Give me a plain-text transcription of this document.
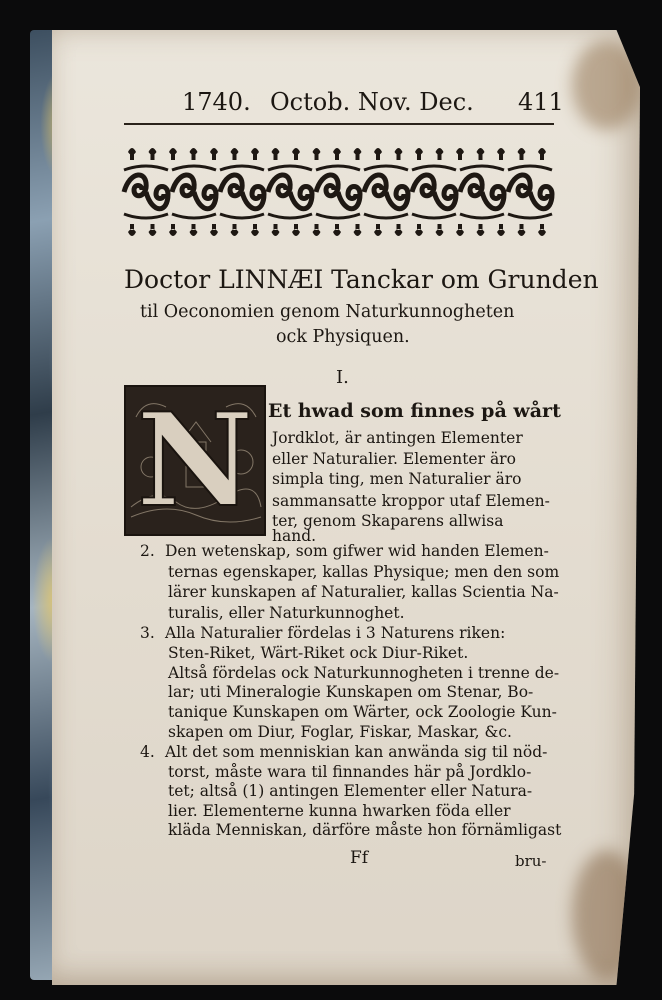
1740. Octob. Nov. Dec. 411
Doctor LINNÆI Tanckar om Grunden
til Oeconomien genom Naturkunnogheten
ock Physiquen.
I.
N Et hwad som finnes på wårt
Jordklot, är antingen Elementer
eller Naturalier. Elementer äro
simpla ting, men Naturalier äro
sammansatte kroppor utaf Elemen-
ter, genom Skaparens allwisa
hand.
2. Den wetenskap, som gifwer wid handen Elemen-
ternas egenskaper, kallas Physique; men den som
lärer kunskapen af Naturalier, kallas Scientia Na-
turalis, eller Naturkunnoghet.
3. Alla Naturalier fördelas i 3 Naturens riken:
Sten-Riket, Wärt-Riket ock Diur-Riket.
Altså fördelas ock Naturkunnogheten i trenne de-
lar; uti Mineralogie Kunskapen om Stenar, Bo-
tanique Kunskapen om Wärter, ock Zoologie Kun-
skapen om Diur, Foglar, Fiskar, Maskar, &c.
4. Alt det som menniskian kan anwända sig til nöd-
torst, måste wara til finnandes här på Jordklo-
tet; altså (1) antingen Elementer eller Natura-
lier. Elementerne kunna hwarken föda eller
kläda Menniskan, därföre måste hon förnämligast
Ff	bru-
